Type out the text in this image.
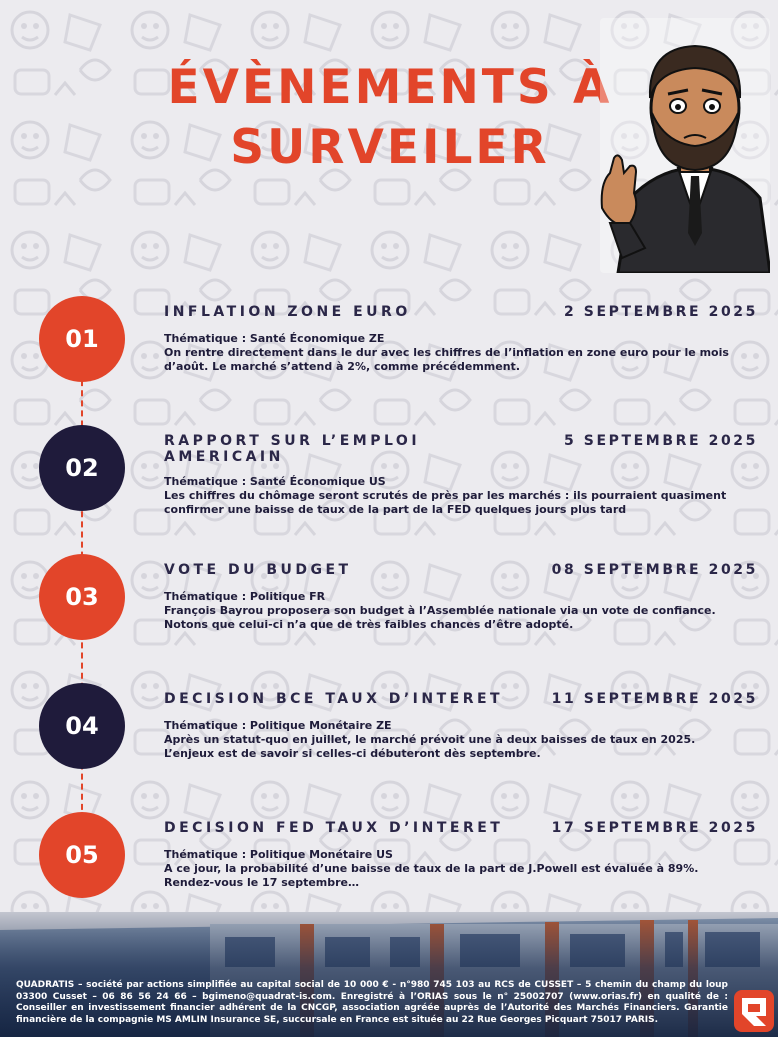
ÉVÈNEMENTS À
SURVEILER
01
INFLATION ZONE EURO	2 SEPTEMBRE 2025
Thématique : Santé Économique ZE
On rentre directement dans le dur avec les chiffres de l’inflation en zone euro pour le mois d’août. Le marché s’attend à 2%, comme précédemment.
02
RAPPORT SUR L’EMPLOI AMERICAIN
5 SEPTEMBRE 2025
Thématique : Santé Économique US
Les chiffres du chômage seront scrutés de près par les marchés : ils pourraient quasiment confirmer une baisse de taux de la part de la FED quelques jours plus tard
03
VOTE DU BUDGET	08 SEPTEMBRE 2025
Thématique : Politique FR
François Bayrou proposera son budget à l’Assemblée nationale via un vote de confiance. Notons que celui-ci n’a que de très faibles chances d’être adopté.
04
DECISION BCE TAUX D’INTERET	11 SEPTEMBRE 2025
Thématique : Politique Monétaire ZE
Après un statut-quo en juillet, le marché prévoit une à deux baisses de taux en 2025. L’enjeux est de savoir si celles-ci débuteront dès septembre.
05
DECISION FED TAUX D’INTERET	17 SEPTEMBRE 2025
Thématique : Politique Monétaire US
A ce jour, la probabilité d’une baisse de taux de la part de J.Powell est évaluée à 89%. Rendez-vous le 17 septembre…

QUADRATIS – société par actions simplifiée au capital social de 10 000 € - n°980 745 103 au RCS de CUSSET – 5 chemin du champ du loup 03300 Cusset – 06 86 56 24 66 – bgimeno@quadrat-is.com. Enregistré à l’ORIAS sous le n° 25002707 (www.orias.fr) en qualité de : Conseiller en investissement financier adhérent de la CNCGP, association agréée auprès de l’Autorité des Marchés Financiers. Garantie financière de la compagnie MS AMLIN Insurance SE, succursale en France est située au 22 Rue Georges Picquart 75017 PARIS.
